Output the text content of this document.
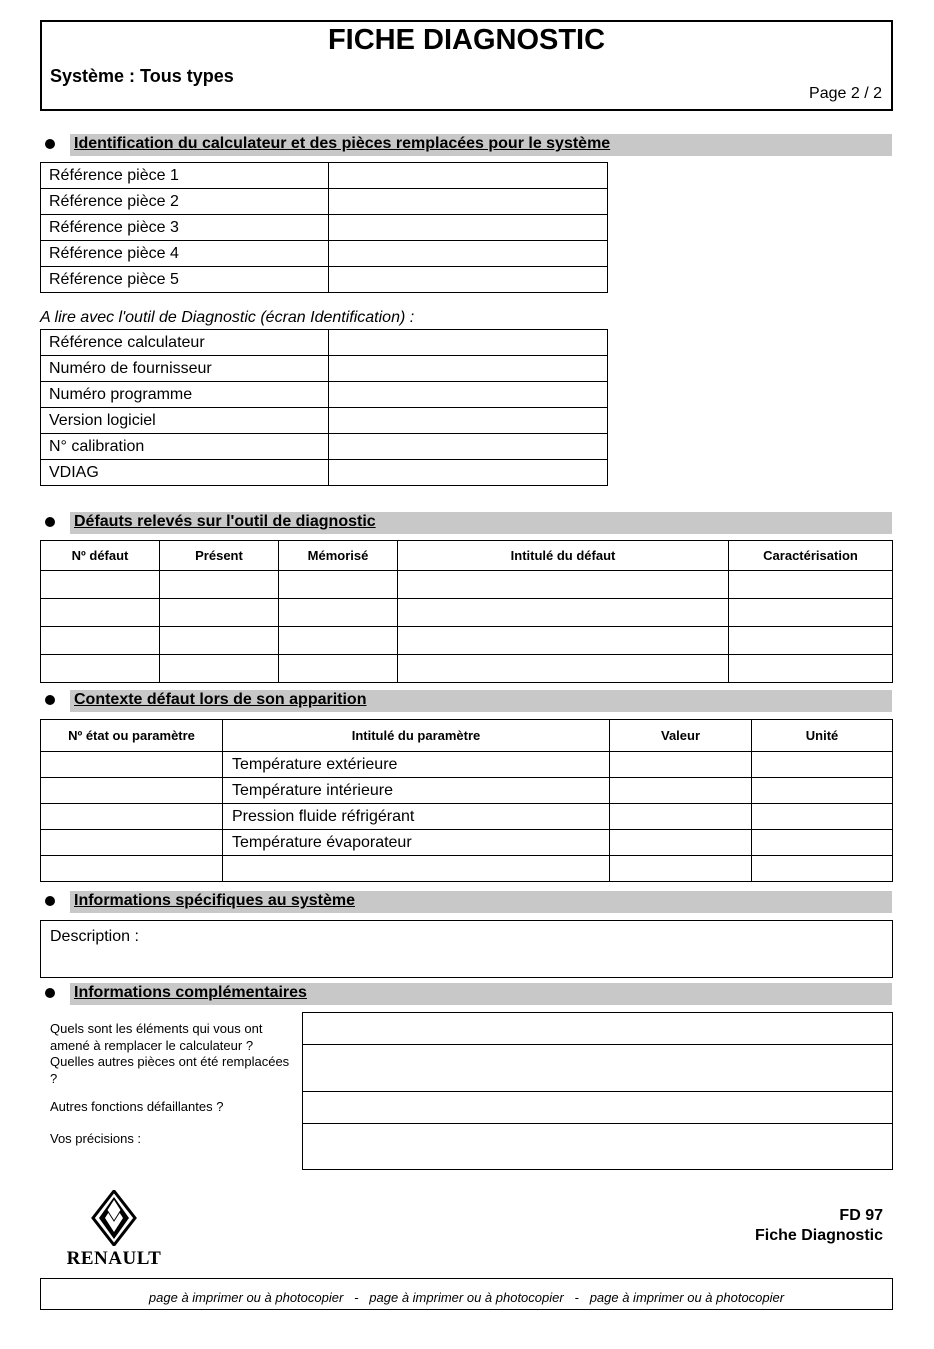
FICHE DIAGNOSTIC
Système : Tous types
Page 2 / 2
Identification du calculateur et des pièces remplacées pour le système
Référence pièce 1	
Référence pièce 2	
Référence pièce 3	
Référence pièce 4	
Référence pièce 5	
A lire avec l'outil de Diagnostic (écran Identification) :
Référence calculateur	
Numéro de fournisseur	
Numéro programme	
Version logiciel	
N° calibration	
VDIAG	
Défauts relevés sur l'outil de diagnostic
Nº défaut	Présent	Mémorisé	Intitulé du défaut	Caractérisation

Contexte défaut lors de son apparition
Nº état ou paramètre	Intitulé du paramètre	Valeur	Unité
	Température extérieure		
	Température intérieure		
	Pression fluide réfrigérant		
	Température évaporateur		

Informations spécifiques au système
Description :
Informations complémentaires
Quels sont les éléments qui vous ont amené à remplacer le calculateur ?
Quelles autres pièces ont été remplacées ?
Autres fonctions défaillantes ?
Vos précisions :

RENAULT
FD 97
Fiche Diagnostic
page à imprimer ou à photocopier   -   page à imprimer ou à photocopier   -   page à imprimer ou à photocopier
